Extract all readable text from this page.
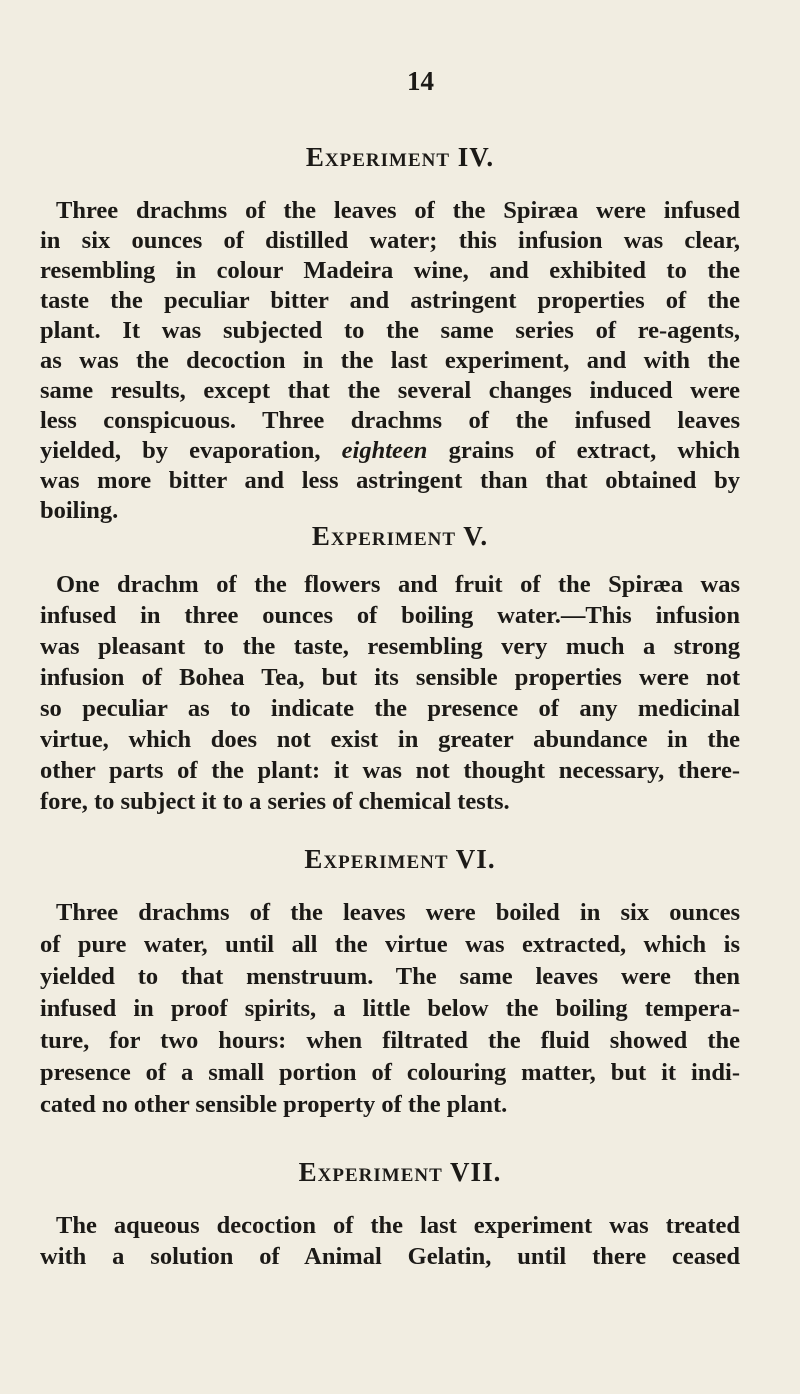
14
Experiment IV.
Three drachms of the leaves of the Spiræa were infused
in six ounces of distilled water; this infusion was clear,
resembling in colour Madeira wine, and exhibited to the
taste the peculiar bitter and astringent properties of the
plant. It was subjected to the same series of re-agents,
as was the decoction in the last experiment, and with the
same results, except that the several changes induced were
less conspicuous. Three drachms of the infused leaves
yielded, by evaporation, eighteen grains of extract, which
was more bitter and less astringent than that obtained by
boiling.
Experiment V.
One drachm of the flowers and fruit of the Spiræa was
infused in three ounces of boiling water.—This infusion
was pleasant to the taste, resembling very much a strong
infusion of Bohea Tea, but its sensible properties were not
so peculiar as to indicate the presence of any medicinal
virtue, which does not exist in greater abundance in the
other parts of the plant: it was not thought necessary, there-
fore, to subject it to a series of chemical tests.
Experiment VI.
Three drachms of the leaves were boiled in six ounces
of pure water, until all the virtue was extracted, which is
yielded to that menstruum. The same leaves were then
infused in proof spirits, a little below the boiling tempera-
ture, for two hours: when filtrated the fluid showed the
presence of a small portion of colouring matter, but it indi-
cated no other sensible property of the plant.
Experiment VII.
The aqueous decoction of the last experiment was treated
with a solution of Animal Gelatin, until there ceased
